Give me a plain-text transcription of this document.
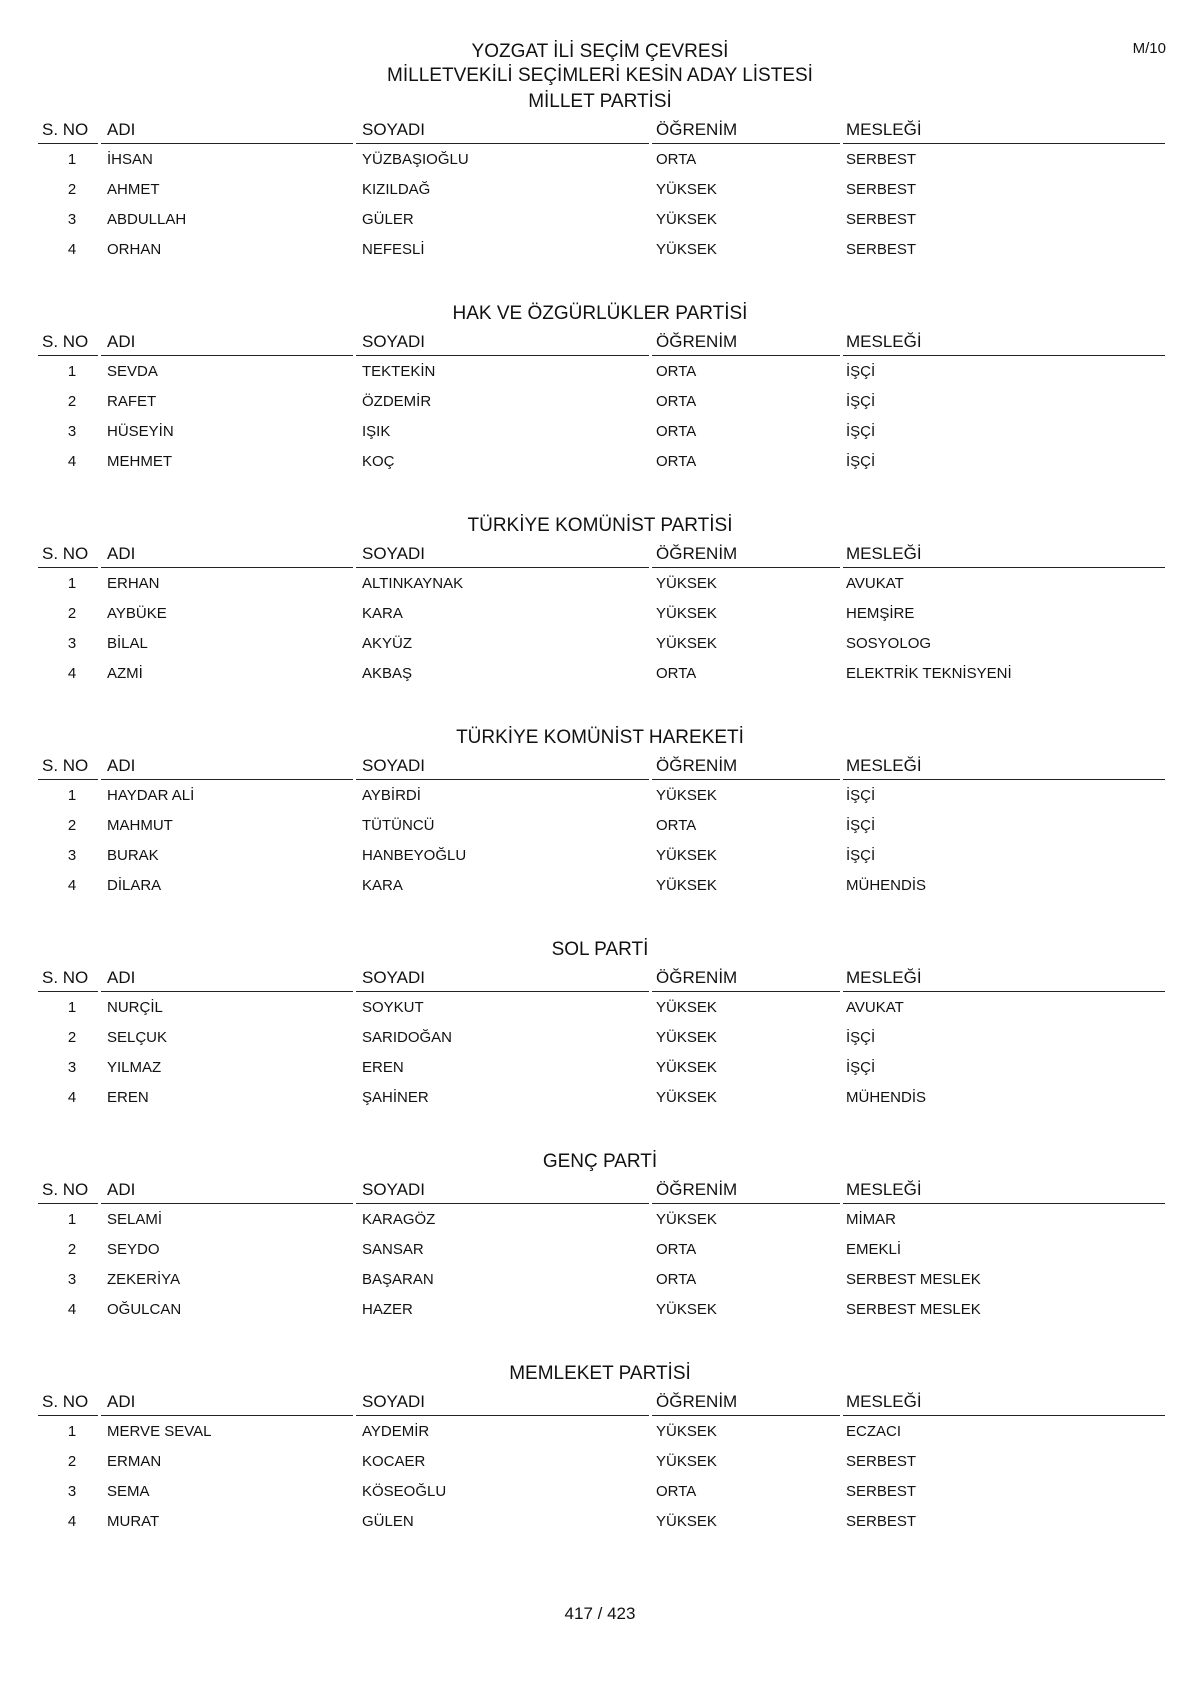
M/10
YOZGAT İLİ SEÇİM ÇEVRESİ
MİLLETVEKİLİ SEÇİMLERİ KESİN ADAY LİSTESİ
MİLLET PARTİSİ
S. NO ADI	SOYADI	ÖĞRENİM	MESLEĞİ
1 İHSAN	YÜZBAŞIOĞLU	ORTA	SERBEST
2 AHMET	KIZILDAĞ	YÜKSEK	SERBEST
3 ABDULLAH	GÜLER	YÜKSEK	SERBEST
4 ORHAN	NEFESLİ	YÜKSEK	SERBEST
HAK VE ÖZGÜRLÜKLER PARTİSİ
S. NO ADI	SOYADI	ÖĞRENİM	MESLEĞİ
1 SEVDA	TEKTEKİN	ORTA	İŞÇİ
2 RAFET	ÖZDEMİR	ORTA	İŞÇİ
3 HÜSEYİN	IŞIK	ORTA	İŞÇİ
4 MEHMET	KOÇ	ORTA	İŞÇİ
TÜRKİYE KOMÜNİST PARTİSİ
S. NO ADI	SOYADI	ÖĞRENİM	MESLEĞİ
1 ERHAN	ALTINKAYNAK	YÜKSEK	AVUKAT
2 AYBÜKE	KARA	YÜKSEK	HEMŞİRE
3 BİLAL	AKYÜZ	YÜKSEK	SOSYOLOG
4 AZMİ	AKBAŞ	ORTA	ELEKTRİK TEKNİSYENİ
TÜRKİYE KOMÜNİST HAREKETİ
S. NO ADI	SOYADI	ÖĞRENİM	MESLEĞİ
1 HAYDAR ALİ	AYBİRDİ	YÜKSEK	İŞÇİ
2 MAHMUT	TÜTÜNCÜ	ORTA	İŞÇİ
3 BURAK	HANBEYOĞLU	YÜKSEK	İŞÇİ
4 DİLARA	KARA	YÜKSEK	MÜHENDİS
SOL PARTİ
S. NO ADI	SOYADI	ÖĞRENİM	MESLEĞİ
1 NURÇİL	SOYKUT	YÜKSEK	AVUKAT
2 SELÇUK	SARIDOĞAN	YÜKSEK	İŞÇİ
3 YILMAZ	EREN	YÜKSEK	İŞÇİ
4 EREN	ŞAHİNER	YÜKSEK	MÜHENDİS
GENÇ PARTİ
S. NO ADI	SOYADI	ÖĞRENİM	MESLEĞİ
1 SELAMİ	KARAGÖZ	YÜKSEK	MİMAR
2 SEYDO	SANSAR	ORTA	EMEKLİ
3 ZEKERİYA	BAŞARAN	ORTA	SERBEST MESLEK
4 OĞULCAN	HAZER	YÜKSEK	SERBEST MESLEK
MEMLEKET PARTİSİ
S. NO ADI	SOYADI	ÖĞRENİM	MESLEĞİ
1 MERVE SEVAL	AYDEMİR	YÜKSEK	ECZACI
2 ERMAN	KOCAER	YÜKSEK	SERBEST
3 SEMA	KÖSEOĞLU	ORTA	SERBEST
4 MURAT	GÜLEN	YÜKSEK	SERBEST
417 / 423
